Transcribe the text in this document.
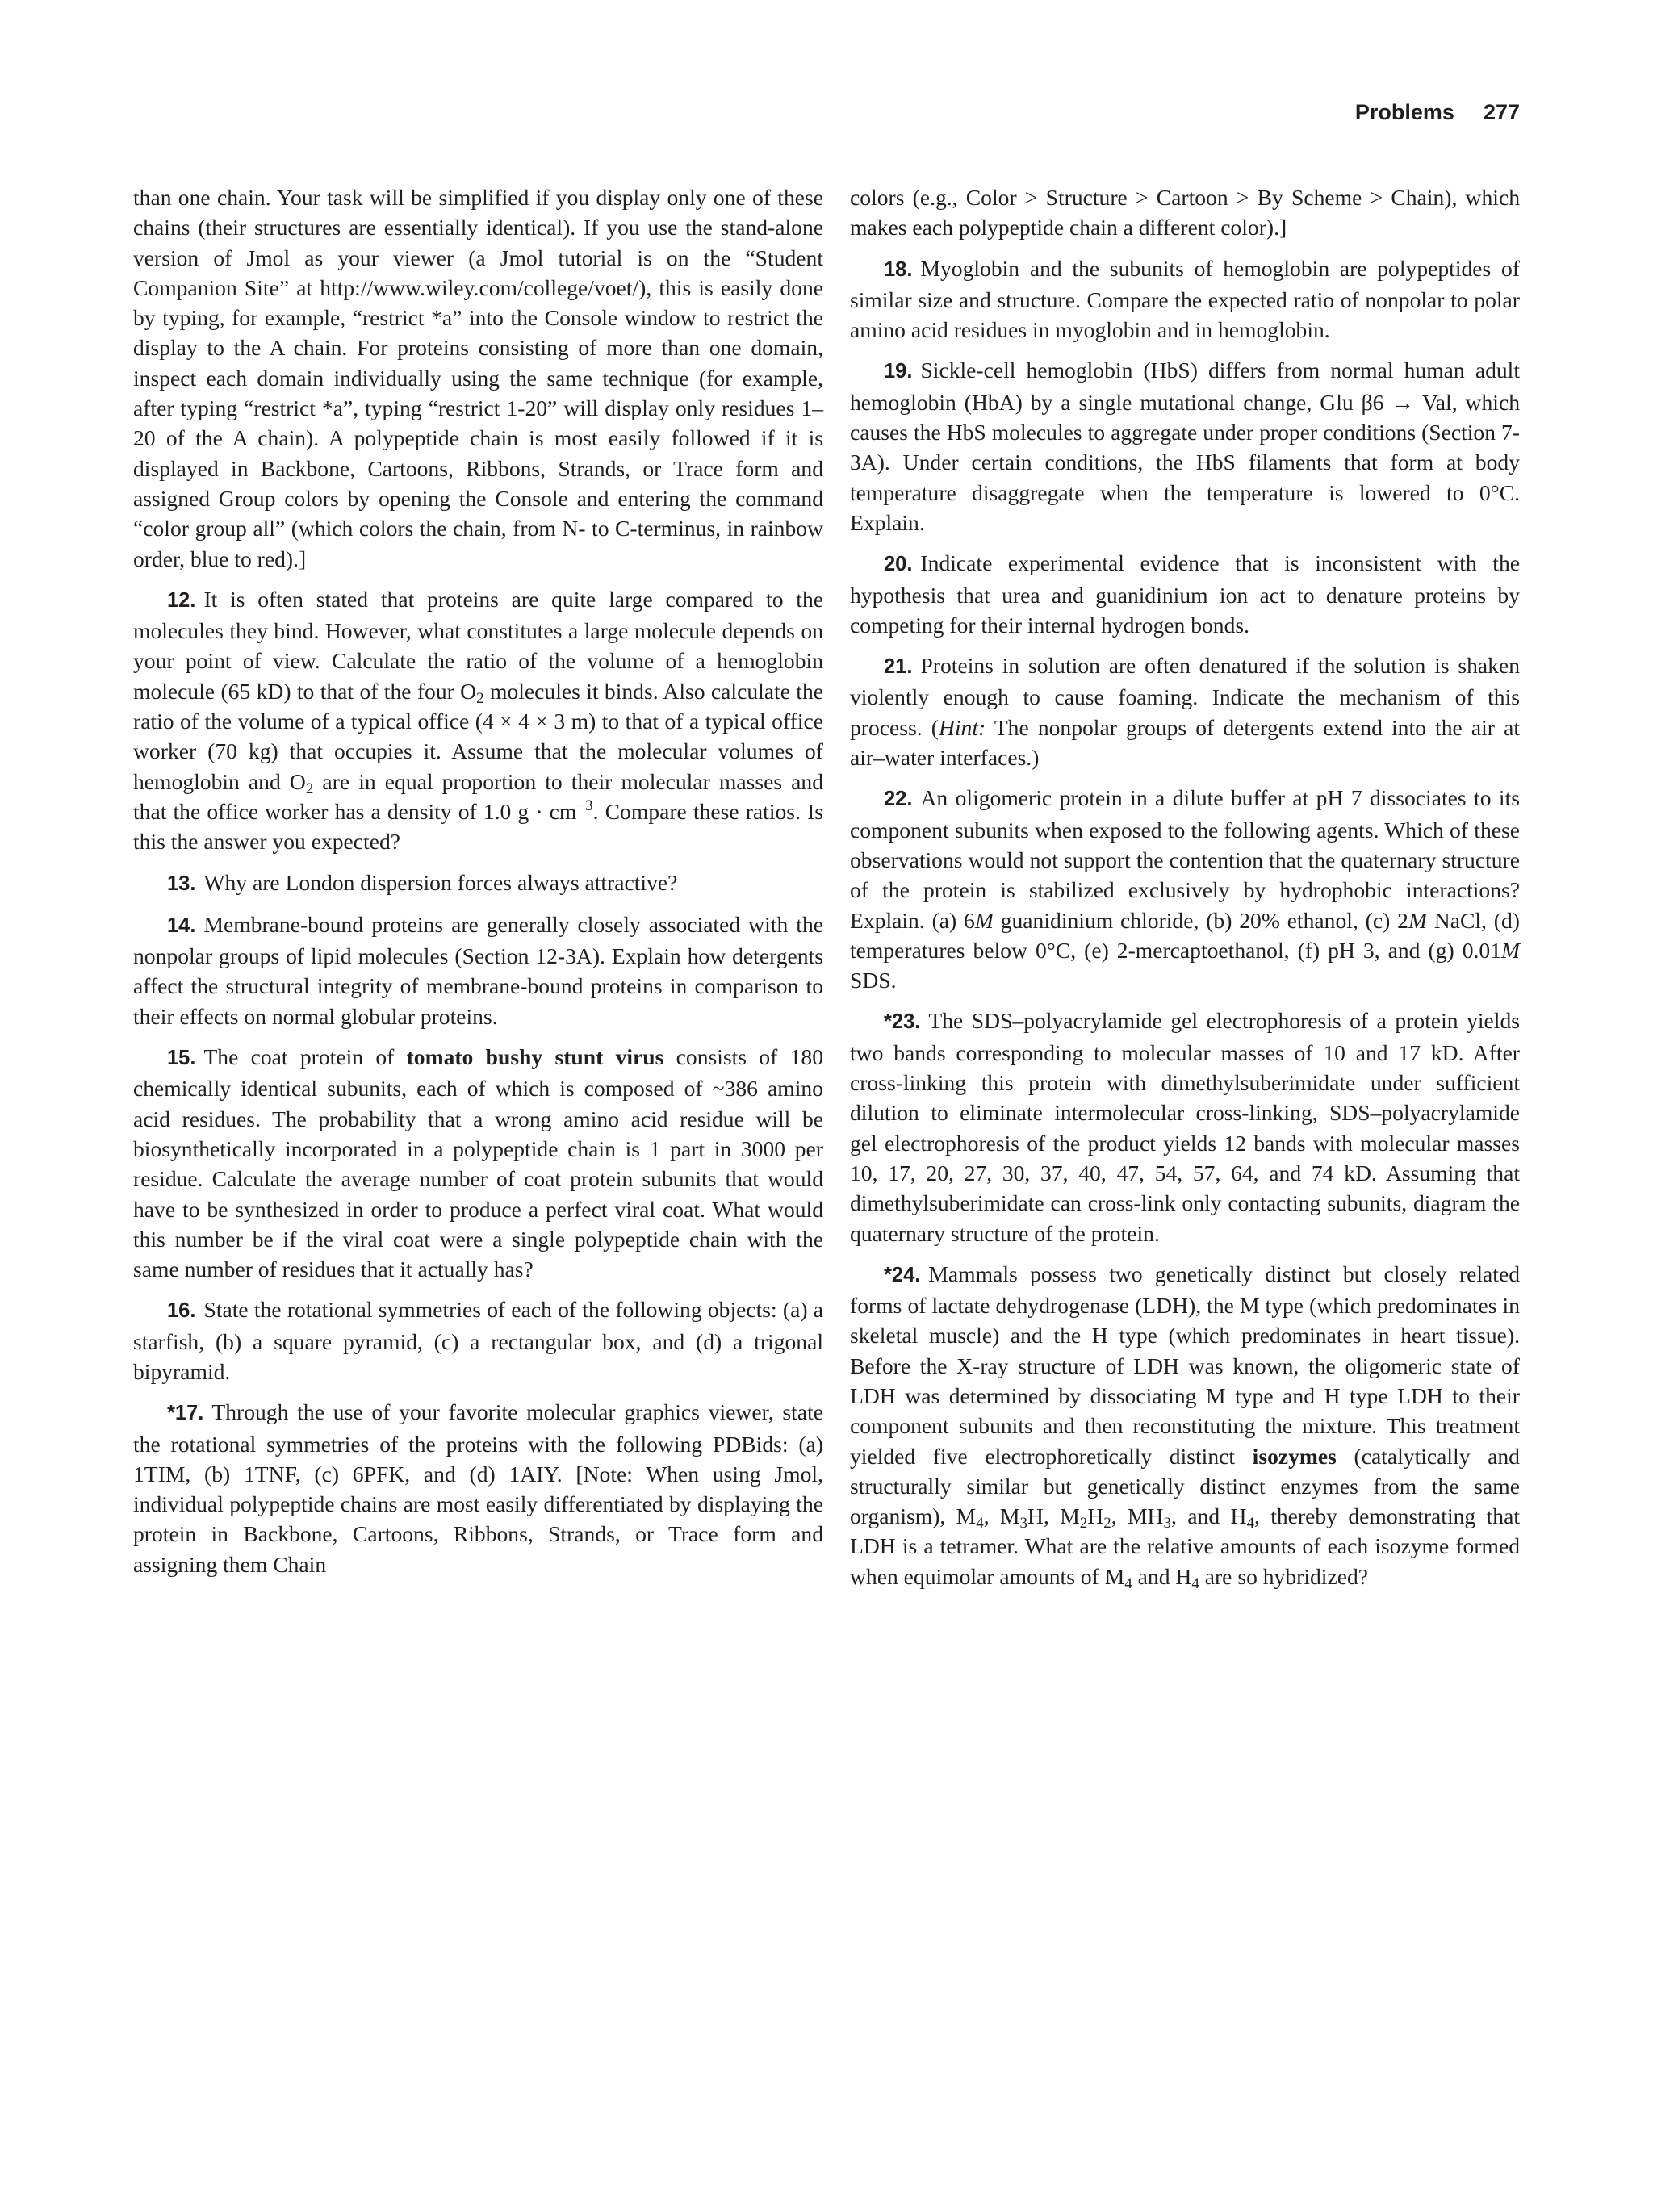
Problems 277

than one chain. Your task will be simplified if you display only one of these chains (their structures are essentially identical). If you use the stand-alone version of Jmol as your viewer (a Jmol tutorial is on the “Student Companion Site” at http://www.wiley.com/college/voet/), this is easily done by typing, for example, “restrict *a” into the Console window to restrict the display to the A chain. For proteins consisting of more than one domain, inspect each domain individually using the same technique (for example, after typing “restrict *a”, typing “restrict 1-20” will display only residues 1–20 of the A chain). A polypeptide chain is most easily followed if it is displayed in Backbone, Cartoons, Ribbons, Strands, or Trace form and assigned Group colors by opening the Console and entering the command “color group all” (which colors the chain, from N- to C-terminus, in rainbow order, blue to red).]

12. It is often stated that proteins are quite large compared to the molecules they bind. However, what constitutes a large molecule depends on your point of view. Calculate the ratio of the volume of a hemoglobin molecule (65 kD) to that of the four $O_2$ molecules it binds. Also calculate the ratio of the volume of a typical office (4 × 4 × 3 m) to that of a typical office worker (70 kg) that occupies it. Assume that the molecular volumes of hemoglobin and $O_2$ are in equal proportion to their molecular masses and that the office worker has a density of 1.0 $g \cdot cm^{-3}$. Compare these ratios. Is this the answer you expected?

13. Why are London dispersion forces always attractive?

14. Membrane-bound proteins are generally closely associated with the nonpolar groups of lipid molecules (Section 12-3A). Explain how detergents affect the structural integrity of membrane-bound proteins in comparison to their effects on normal globular proteins.

15. The coat protein of tomato bushy stunt virus consists of 180 chemically identical subunits, each of which is composed of ~386 amino acid residues. The probability that a wrong amino acid residue will be biosynthetically incorporated in a polypeptide chain is 1 part in 3000 per residue. Calculate the average number of coat protein subunits that would have to be synthesized in order to produce a perfect viral coat. What would this number be if the viral coat were a single polypeptide chain with the same number of residues that it actually has?

16. State the rotational symmetries of each of the following objects: (a) a starfish, (b) a square pyramid, (c) a rectangular box, and (d) a trigonal bipyramid.

*17. Through the use of your favorite molecular graphics viewer, state the rotational symmetries of the proteins with the following PDBids: (a) 1TIM, (b) 1TNF, (c) 6PFK, and (d) 1AIY. [Note: When using Jmol, individual polypeptide chains are most easily differentiated by displaying the protein in Backbone, Cartoons, Ribbons, Strands, or Trace form and assigning them Chain

colors (e.g., Color > Structure > Cartoon > By Scheme > Chain), which makes each polypeptide chain a different color).]

18. Myoglobin and the subunits of hemoglobin are polypeptides of similar size and structure. Compare the expected ratio of nonpolar to polar amino acid residues in myoglobin and in hemoglobin.

19. Sickle-cell hemoglobin (HbS) differs from normal human adult hemoglobin (HbA) by a single mutational change, Glu β6 → Val, which causes the HbS molecules to aggregate under proper conditions (Section 7-3A). Under certain conditions, the HbS filaments that form at body temperature disaggregate when the temperature is lowered to 0°C. Explain.

20. Indicate experimental evidence that is inconsistent with the hypothesis that urea and guanidinium ion act to denature proteins by competing for their internal hydrogen bonds.

21. Proteins in solution are often denatured if the solution is shaken violently enough to cause foaming. Indicate the mechanism of this process. (Hint: The nonpolar groups of detergents extend into the air at air–water interfaces.)

22. An oligomeric protein in a dilute buffer at pH 7 dissociates to its component subunits when exposed to the following agents. Which of these observations would not support the contention that the quaternary structure of the protein is stabilized exclusively by hydrophobic interactions? Explain. (a) 6M guanidinium chloride, (b) 20% ethanol, (c) 2M NaCl, (d) temperatures below 0°C, (e) 2-mercaptoethanol, (f) pH 3, and (g) 0.01M SDS.

*23. The SDS–polyacrylamide gel electrophoresis of a protein yields two bands corresponding to molecular masses of 10 and 17 kD. After cross-linking this protein with dimethylsuberimidate under sufficient dilution to eliminate intermolecular cross-linking, SDS–polyacrylamide gel electrophoresis of the product yields 12 bands with molecular masses 10, 17, 20, 27, 30, 37, 40, 47, 54, 57, 64, and 74 kD. Assuming that dimethylsuberimidate can cross-link only contacting subunits, diagram the quaternary structure of the protein.

*24. Mammals possess two genetically distinct but closely related forms of lactate dehydrogenase (LDH), the M type (which predominates in skeletal muscle) and the H type (which predominates in heart tissue). Before the X-ray structure of LDH was known, the oligomeric state of LDH was determined by dissociating M type and H type LDH to their component subunits and then reconstituting the mixture. This treatment yielded five electrophoretically distinct isozymes (catalytically and structurally similar but genetically distinct enzymes from the same organism), $M_4$, $M_3H$, $M_2H_2$, $MH_3$, and $H_4$, thereby demonstrating that LDH is a tetramer. What are the relative amounts of each isozyme formed when equimolar amounts of $M_4$ and $H_4$ are so hybridized?
